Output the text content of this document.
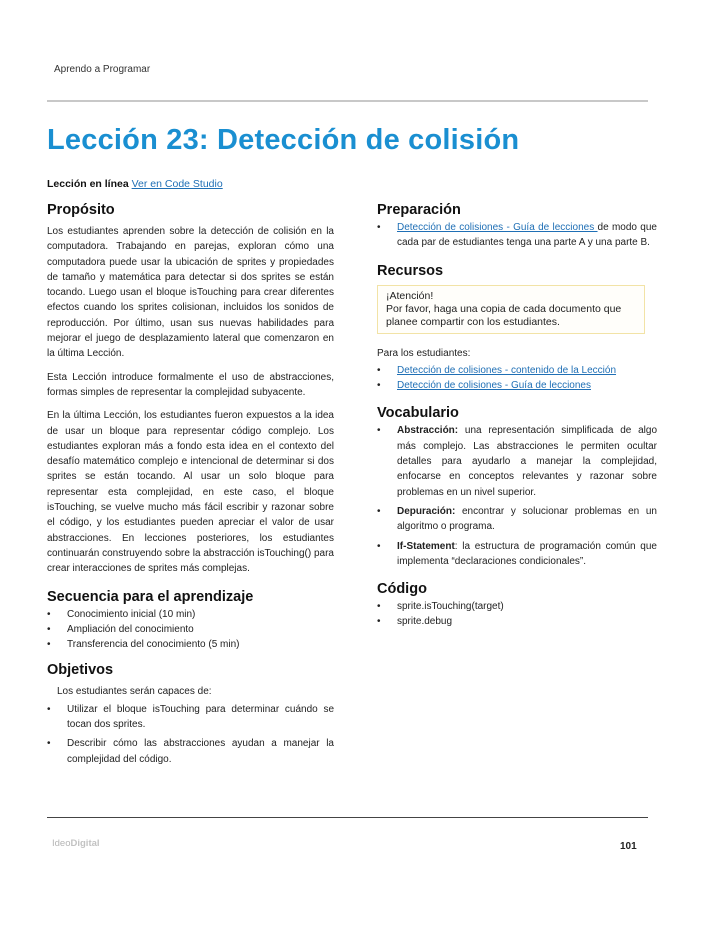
Aprendo a Programar
Lección 23: Detección de colisión
Lección en línea Ver en Code Studio
Propósito

Los estudiantes aprenden sobre la detección de colisión en la computadora. Trabajando en parejas, exploran cómo una computadora puede usar la ubicación de sprites y propiedades de tamaño y matemática para detectar si dos sprites se están tocando. Luego usan el bloque isTouching para crear diferentes efectos cuando los sprites colisionan, incluidos los sonidos de reproducción. Por último, usan sus nuevas habilidades para mejorar el juego de desplazamiento lateral que comenzaron en la última Lección.

Esta Lección introduce formalmente el uso de abstracciones, formas simples de representar la complejidad subyacente.

En la última Lección, los estudiantes fueron expuestos a la idea de usar un bloque para representar código complejo. Los estudiantes exploran más a fondo esta idea en el contexto del desafío matemático complejo e intencional de determinar si dos sprites se están tocando. Al usar un solo bloque para representar esta complejidad, en este caso, el bloque isTouching, se vuelve mucho más fácil escribir y razonar sobre el código, y los estudiantes pueden apreciar el valor de usar abstracciones. En lecciones posteriores, los estudiantes continuarán construyendo sobre la abstracción isTouching() para crear interacciones de sprites más complejas.

Secuencia para el aprendizaje
• Conocimiento inicial (10 min)
• Ampliación del conocimiento
• Transferencia del conocimiento (5 min)
Objetivos

Los estudiantes serán capaces de:

• Utilizar el bloque isTouching para determinar cuándo se tocan dos sprites.
• Describir cómo las abstracciones ayudan a manejar la complejidad del código.
Preparación
• Detección de colisiones - Guía de lecciones de modo que cada par de estudiantes tenga una parte A y una parte B.
Recursos
¡Atención!
Por favor, haga una copia de cada documento que planee compartir con los estudiantes.

Para los estudiantes:

• Detección de colisiones - contenido de la Lección
• Detección de colisiones - Guía de lecciones
Vocabulario
• Abstracción: una representación simplificada de algo más complejo. Las abstracciones le permiten ocultar detalles para ayudarlo a manejar la complejidad, enfocarse en conceptos relevantes y razonar sobre problemas en un nivel superior.
• Depuración: encontrar y solucionar problemas en un algoritmo o programa.
• If-Statement: la estructura de programación común que implementa “declaraciones condicionales”.
Código
• sprite.isTouching(target)
• sprite.debug
IdeoDigital	101
